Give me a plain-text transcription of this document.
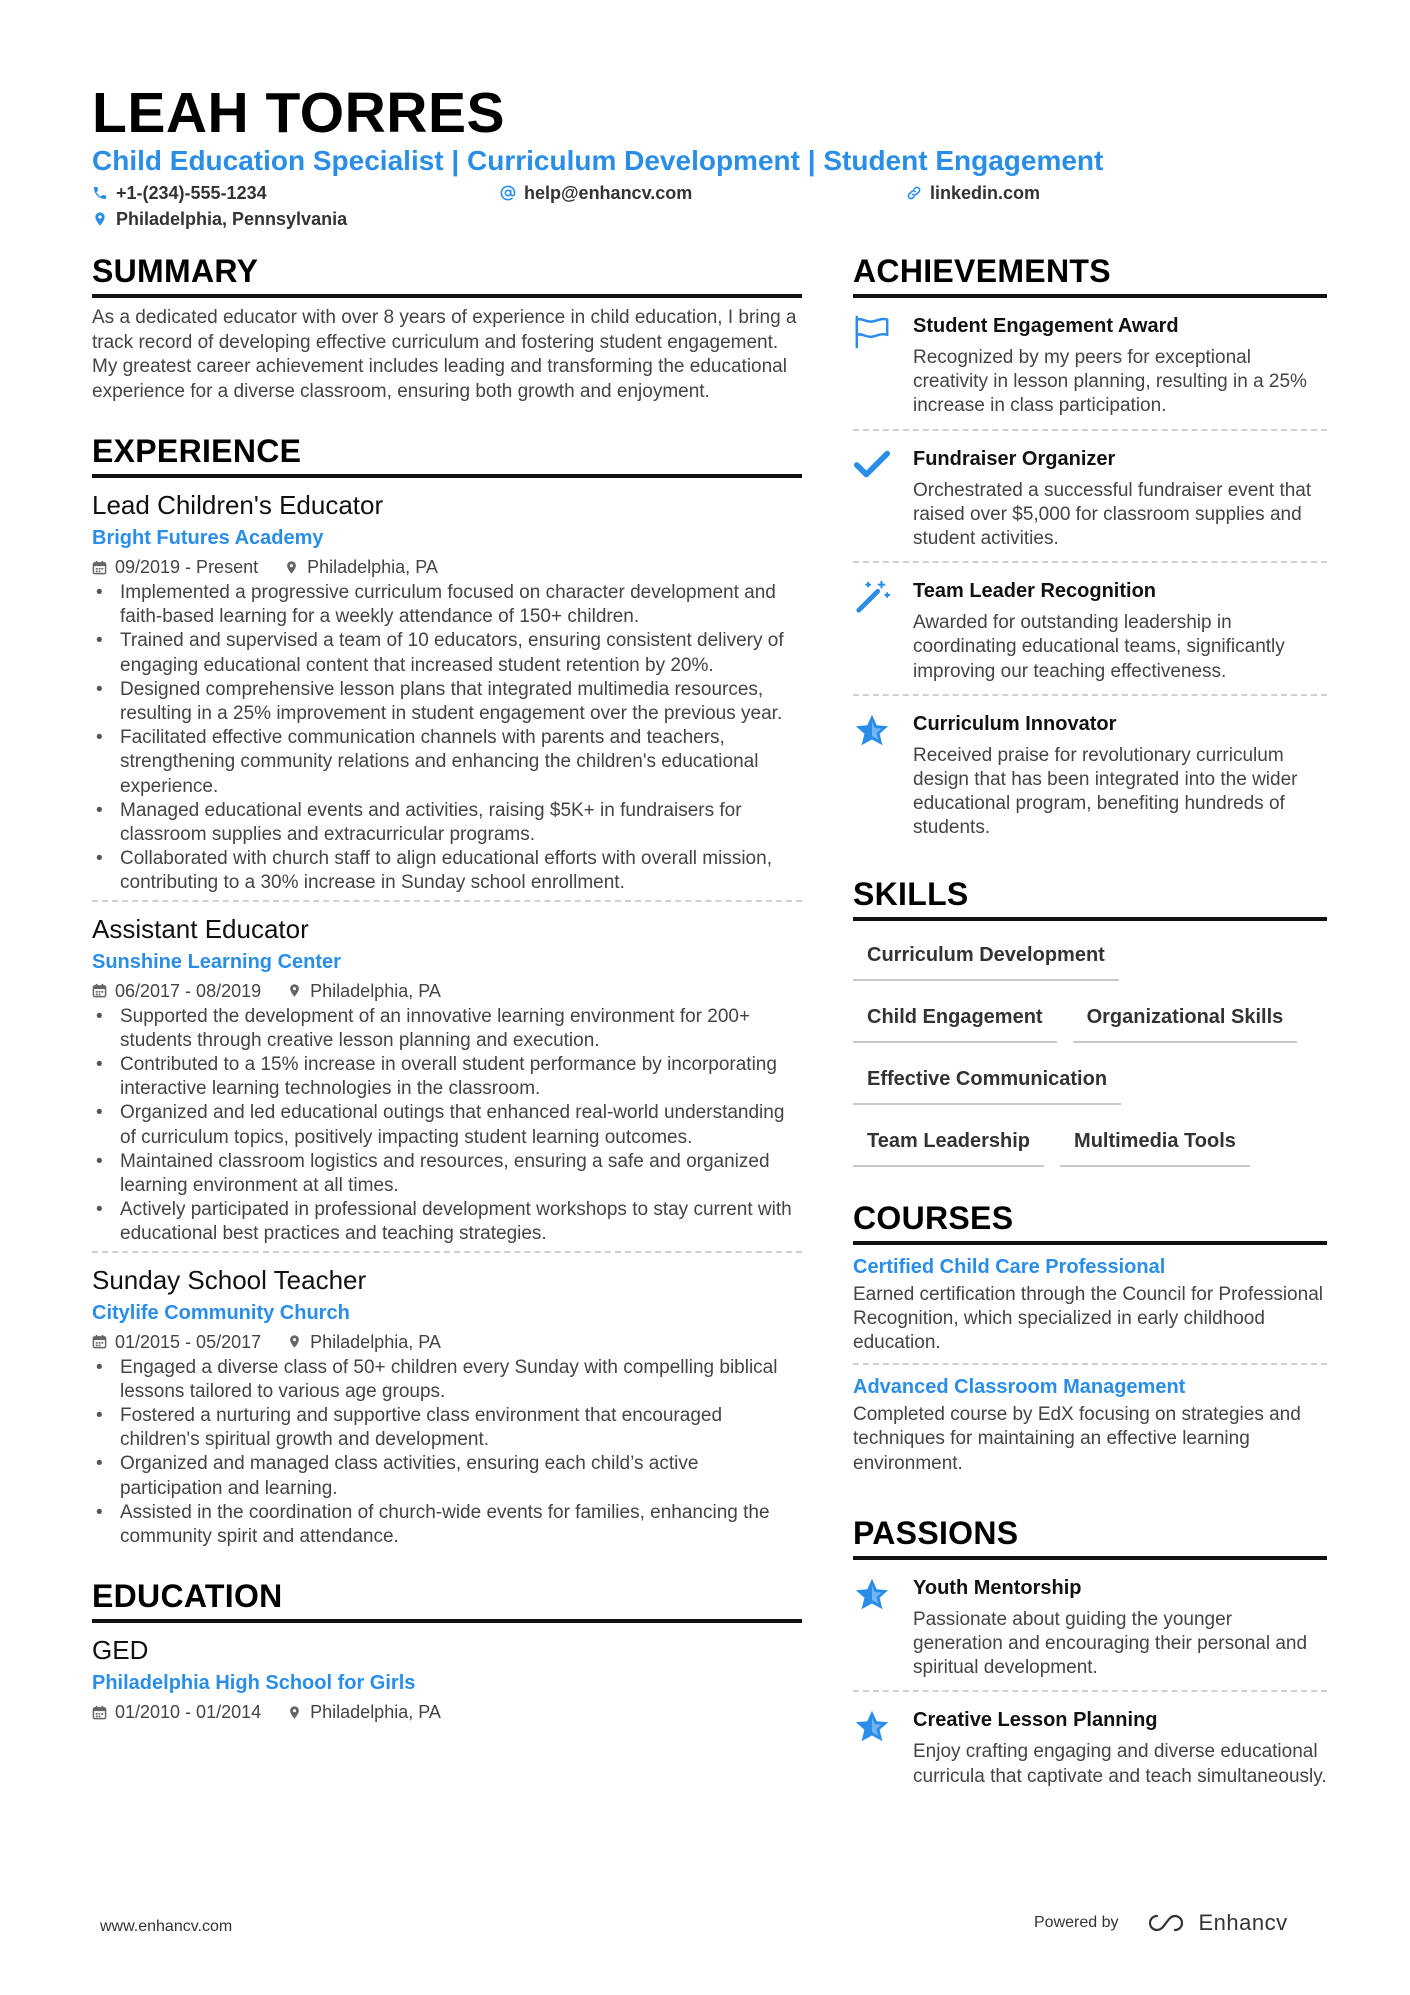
LEAH TORRES
Child Education Specialist | Curriculum Development | Student Engagement
+1-(234)-555-1234	help@enhancv.com	linkedin.com
Philadelphia, Pennsylvania
SUMMARY
As a dedicated educator with over 8 years of experience in child education, I bring a track record of developing effective curriculum and fostering student engagement. My greatest career achievement includes leading and transforming the educational experience for a diverse classroom, ensuring both growth and enjoyment.
EXPERIENCE
Lead Children's Educator
Bright Futures Academy
09/2019 - Present	Philadelphia, PA
• Implemented a progressive curriculum focused on character development and faith-based learning for a weekly attendance of 150+ children.
• Trained and supervised a team of 10 educators, ensuring consistent delivery of engaging educational content that increased student retention by 20%.
• Designed comprehensive lesson plans that integrated multimedia resources, resulting in a 25% improvement in student engagement over the previous year.
• Facilitated effective communication channels with parents and teachers, strengthening community relations and enhancing the children's educational experience.
• Managed educational events and activities, raising $5K+ in fundraisers for classroom supplies and extracurricular programs.
• Collaborated with church staff to align educational efforts with overall mission, contributing to a 30% increase in Sunday school enrollment.
Assistant Educator
Sunshine Learning Center
06/2017 - 08/2019	Philadelphia, PA
• Supported the development of an innovative learning environment for 200+ students through creative lesson planning and execution.
• Contributed to a 15% increase in overall student performance by incorporating interactive learning technologies in the classroom.
• Organized and led educational outings that enhanced real-world understanding of curriculum topics, positively impacting student learning outcomes.
• Maintained classroom logistics and resources, ensuring a safe and organized learning environment at all times.
• Actively participated in professional development workshops to stay current with educational best practices and teaching strategies.
Sunday School Teacher
Citylife Community Church
01/2015 - 05/2017	Philadelphia, PA
• Engaged a diverse class of 50+ children every Sunday with compelling biblical lessons tailored to various age groups.
• Fostered a nurturing and supportive class environment that encouraged children's spiritual growth and development.
• Organized and managed class activities, ensuring each child’s active participation and learning.
• Assisted in the coordination of church-wide events for families, enhancing the community spirit and attendance.
EDUCATION
GED
Philadelphia High School for Girls
01/2010 - 01/2014	Philadelphia, PA
ACHIEVEMENTS
Student Engagement Award
Recognized by my peers for exceptional creativity in lesson planning, resulting in a 25% increase in class participation.
Fundraiser Organizer
Orchestrated a successful fundraiser event that raised over $5,000 for classroom supplies and student activities.
Team Leader Recognition
Awarded for outstanding leadership in coordinating educational teams, significantly improving our teaching effectiveness.
Curriculum Innovator
Received praise for revolutionary curriculum design that has been integrated into the wider educational program, benefiting hundreds of students.
SKILLS
Curriculum Development
Child Engagement	Organizational Skills
Effective Communication
Team Leadership	Multimedia Tools
COURSES
Certified Child Care Professional
Earned certification through the Council for Professional Recognition, which specialized in early childhood education.
Advanced Classroom Management
Completed course by EdX focusing on strategies and techniques for maintaining an effective learning environment.
PASSIONS
Youth Mentorship
Passionate about guiding the younger generation and encouraging their personal and spiritual development.
Creative Lesson Planning
Enjoy crafting engaging and diverse educational curricula that captivate and teach simultaneously.
www.enhancv.com	Powered by	Enhancv
